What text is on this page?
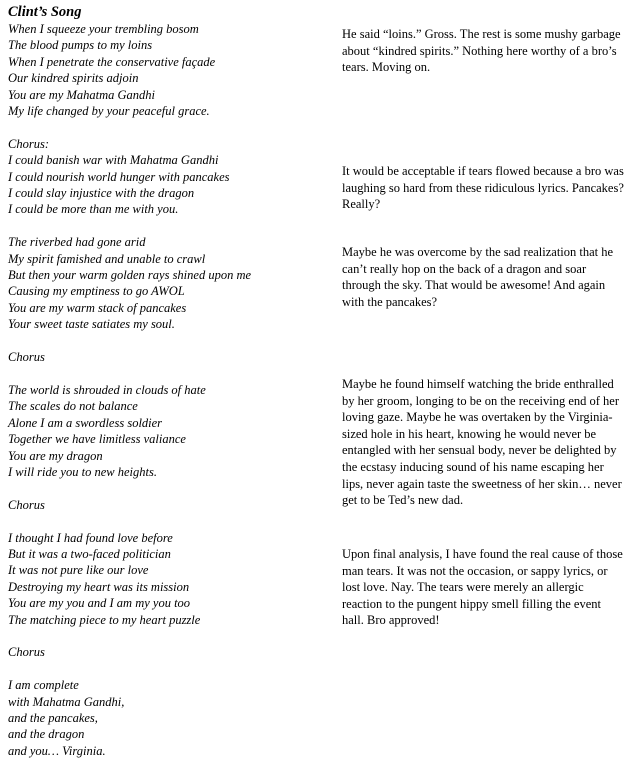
Clint’s Song
When I squeeze your trembling bosom
The blood pumps to my loins
When I penetrate the conservative façade
Our kindred spirits adjoin
You are my Mahatma Gandhi
My life changed by your peaceful grace.
Chorus:
I could banish war with Mahatma Gandhi
I could nourish world hunger with pancakes
I could slay injustice with the dragon
I could be more than me with you.
The riverbed had gone arid
My spirit famished and unable to crawl
But then your warm golden rays shined upon me
Causing my emptiness to go AWOL
You are my warm stack of pancakes
Your sweet taste satiates my soul.
Chorus
The world is shrouded in clouds of hate
The scales do not balance
Alone I am a swordless soldier
Together we have limitless valiance
You are my dragon
I will ride you to new heights.
Chorus
I thought I had found love before
But it was a two-faced politician
It was not pure like our love
Destroying my heart was its mission
You are my you and I am my you too
The matching piece to my heart puzzle
Chorus
I am complete
with Mahatma Gandhi,
and the pancakes,
and the dragon
and you… Virginia.
He said “loins.” Gross. The rest is some mushy garbage about “kindred spirits.” Nothing here worthy of a bro’s tears. Moving on.
It would be acceptable if tears flowed because a bro was laughing so hard from these ridiculous lyrics. Pancakes? Really?
Maybe he was overcome by the sad realization that he can’t really hop on the back of a dragon and soar through the sky. That would be awesome! And again with the pancakes?
Maybe he found himself watching the bride enthralled by her groom, longing to be on the receiving end of her loving gaze. Maybe he was overtaken by the Virginia-sized hole in his heart, knowing he would never be entangled with her sensual body, never be delighted by the ecstasy inducing sound of his name escaping her lips, never again taste the sweetness of her skin… never get to be Ted’s new dad.
Upon final analysis, I have found the real cause of those man tears. It was not the occasion, or sappy lyrics, or lost love. Nay. The tears were merely an allergic reaction to the pungent hippy smell filling the event hall. Bro approved!
